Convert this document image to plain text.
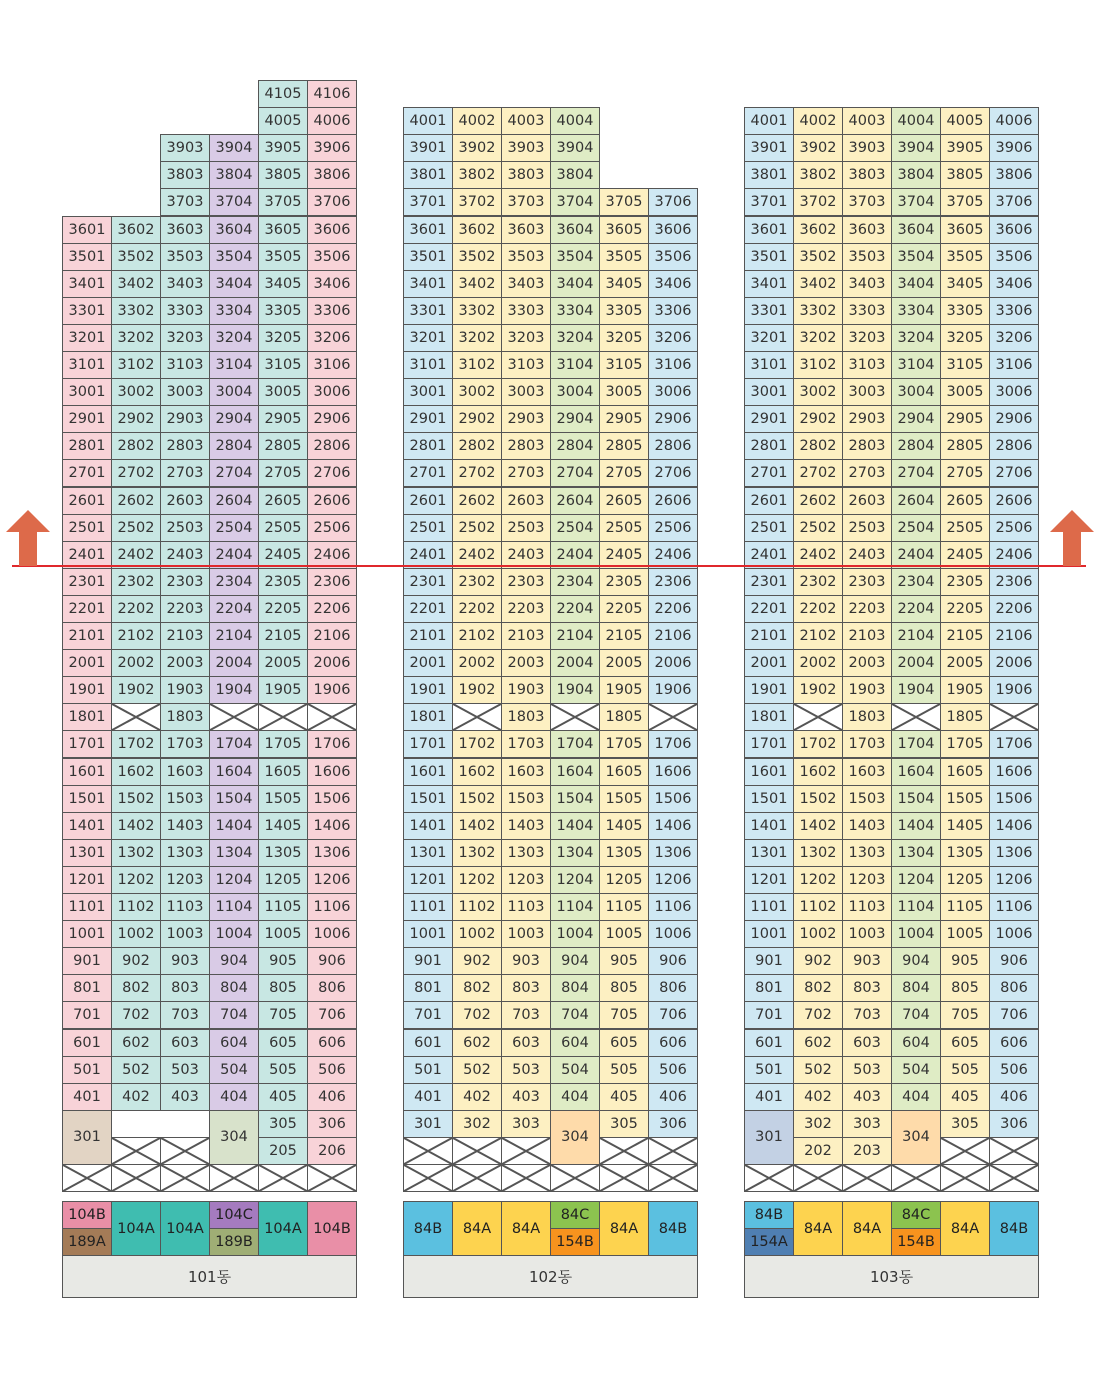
401
501
601
701
801
901
1001
1101
1201
1301
1401
1501
1601
1701
1801
1901
2001
2101
2201
2301
2401
2501
2601
2701
2801
2901
3001
3101
3201
3301
3401
3501
3601
402
502
602
702
802
902
1002
1102
1202
1302
1402
1502
1602
1702
1902
2002
2102
2202
2302
2402
2502
2602
2702
2802
2902
3002
3102
3202
3302
3402
3502
3602
403
503
603
703
803
903
1003
1103
1203
1303
1403
1503
1603
1703
1803
1903
2003
2103
2203
2303
2403
2503
2603
2703
2803
2903
3003
3103
3203
3303
3403
3503
3603
3703
3803
3903
404
504
604
704
804
904
1004
1104
1204
1304
1404
1504
1604
1704
1904
2004
2104
2204
2304
2404
2504
2604
2704
2804
2904
3004
3104
3204
3304
3404
3504
3604
3704
3804
3904
205
305
405
505
605
705
805
905
1005
1105
1205
1305
1405
1505
1605
1705
1905
2005
2105
2205
2305
2405
2505
2605
2705
2805
2905
3005
3105
3205
3305
3405
3505
3605
3705
3805
3905
4005
4105
206
306
406
506
606
706
806
906
1006
1106
1206
1306
1406
1506
1606
1706
1906
2006
2106
2206
2306
2406
2506
2606
2706
2806
2906
3006
3106
3206
3306
3406
3506
3606
3706
3806
3906
4006
4106
301	304
104B
189A
104A 104A
104C
189B
104A 104B
101동
301
401
501
601
701
801
901
1001
1101
1201
1301
1401
1501
1601
1701
1801
1901
2001
2101
2201
2301
2401
2501
2601
2701
2801
2901
3001
3101
3201
3301
3401
3501
3601
3701
3801
3901
4001
302
402
502
602
702
802
902
1002
1102
1202
1302
1402
1502
1602
1702
1902
2002
2102
2202
2302
2402
2502
2602
2702
2802
2902
3002
3102
3202
3302
3402
3502
3602
3702
3802
3902
4002
303
403
503
603
703
803
903
1003
1103
1203
1303
1403
1503
1603
1703
1803
1903
2003
2103
2203
2303
2403
2503
2603
2703
2803
2903
3003
3103
3203
3303
3403
3503
3603
3703
3803
3903
4003
404
504
604
704
804
904
1004
1104
1204
1304
1404
1504
1604
1704
1904
2004
2104
2204
2304
2404
2504
2604
2704
2804
2904
3004
3104
3204
3304
3404
3504
3604
3704
3804
3904
4004
305
405
505
605
705
805
905
1005
1105
1205
1305
1405
1505
1605
1705
1805
1905
2005
2105
2205
2305
2405
2505
2605
2705
2805
2905
3005
3105
3205
3305
3405
3505
3605
3705
306
406
506
606
706
806
906
1006
1106
1206
1306
1406
1506
1606
1706
1906
2006
2106
2206
2306
2406
2506
2606
2706
2806
2906
3006
3106
3206
3306
3406
3506
3606
3706
304
84B 84A 84A
84C
154B
84A 84B
102동
401
501
601
701
801
901
1001
1101
1201
1301
1401
1501
1601
1701
1801
1901
2001
2101
2201
2301
2401
2501
2601
2701
2801
2901
3001
3101
3201
3301
3401
3501
3601
3701
3801
3901
4001
202
302
402
502
602
702
802
902
1002
1102
1202
1302
1402
1502
1602
1702
1902
2002
2102
2202
2302
2402
2502
2602
2702
2802
2902
3002
3102
3202
3302
3402
3502
3602
3702
3802
3902
4002
203
303
403
503
603
703
803
903
1003
1103
1203
1303
1403
1503
1603
1703
1803
1903
2003
2103
2203
2303
2403
2503
2603
2703
2803
2903
3003
3103
3203
3303
3403
3503
3603
3703
3803
3903
4003
404
504
604
704
804
904
1004
1104
1204
1304
1404
1504
1604
1704
1904
2004
2104
2204
2304
2404
2504
2604
2704
2804
2904
3004
3104
3204
3304
3404
3504
3604
3704
3804
3904
4004
305
405
505
605
705
805
905
1005
1105
1205
1305
1405
1505
1605
1705
1805
1905
2005
2105
2205
2305
2405
2505
2605
2705
2805
2905
3005
3105
3205
3305
3405
3505
3605
3705
3805
3905
4005
306
406
506
606
706
806
906
1006
1106
1206
1306
1406
1506
1606
1706
1906
2006
2106
2206
2306
2406
2506
2606
2706
2806
2906
3006
3106
3206
3306
3406
3506
3606
3706
3806
3906
4006
301	304
84B
154A
84A 84A
84C
154B
84A 84B
103동
